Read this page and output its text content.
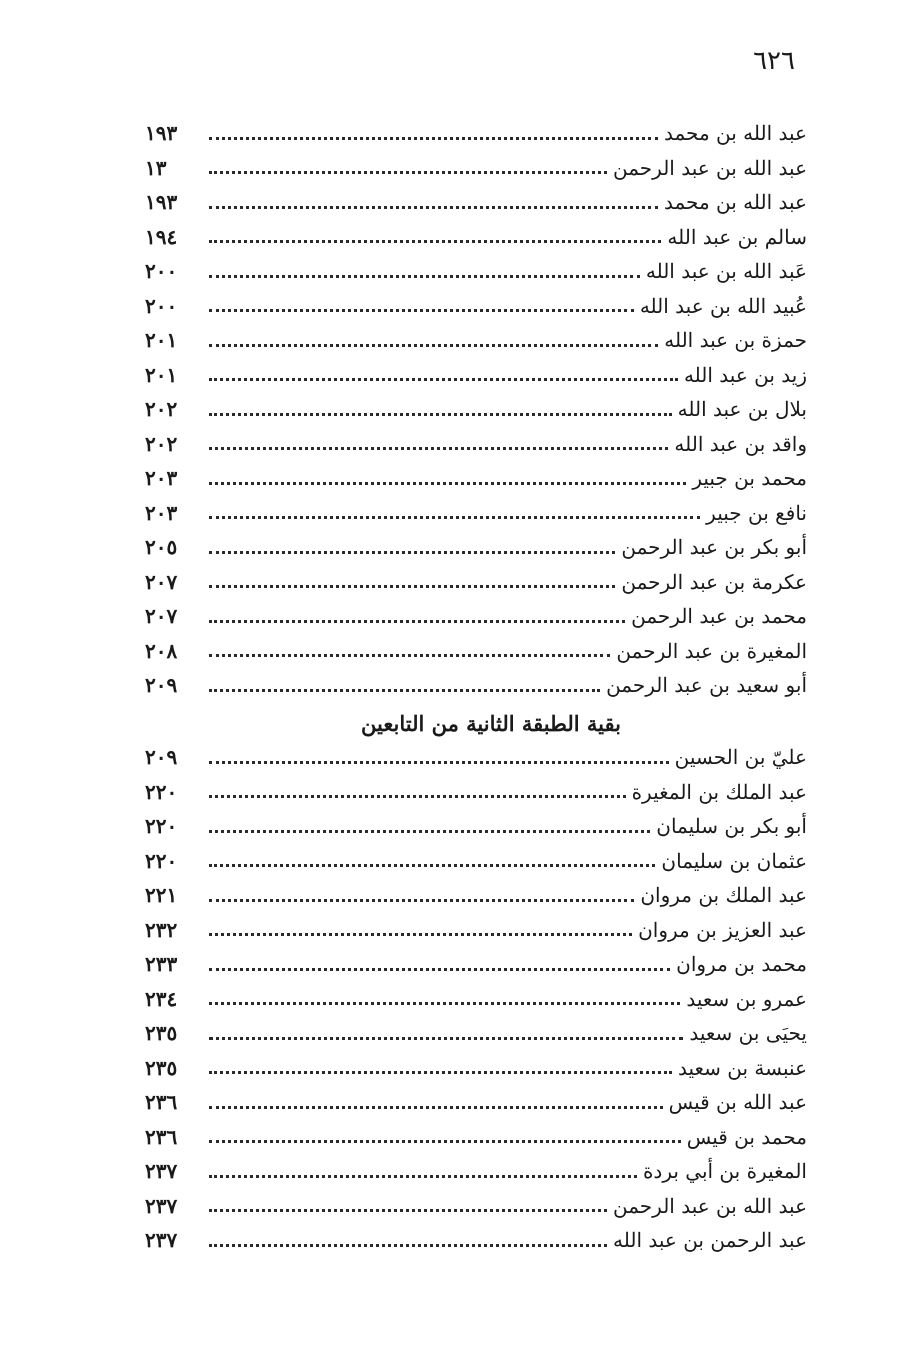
٦٢٦
عبد الله بن محمد
١٩٣
عبد الله بن عبد الرحمن
١٣
عبد الله بن محمد
١٩٣
سالم بن عبد الله
١٩٤
عَبد الله بن عبد الله
٢٠٠
عُبيد الله بن عبد الله
٢٠٠
حمزة بن عبد الله
٢٠١
زيد بن عبد الله
٢٠١
بلال بن عبد الله
٢٠٢
واقد بن عبد الله
٢٠٢
محمد بن جبير
٢٠٣
نافع بن جبير
٢٠٣
أبو بكر بن عبد الرحمن
٢٠٥
عكرمة بن عبد الرحمن
٢٠٧
محمد بن عبد الرحمن
٢٠٧
المغيرة بن عبد الرحمن
٢٠٨
أبو سعيد بن عبد الرحمن
٢٠٩
بقية الطبقة الثانية من التابعين
عليّ بن الحسين
٢٠٩
عبد الملك بن المغيرة
٢٢٠
أبو بكر بن سليمان
٢٢٠
عثمان بن سليمان
٢٢٠
عبد الملك بن مروان
٢٢١
عبد العزيز بن مروان
٢٣٢
محمد بن مروان
٢٣٣
عمرو بن سعيد
٢٣٤
يحيَى بن سعيد
٢٣٥
عنبسة بن سعيد
٢٣٥
عبد الله بن قيس
٢٣٦
محمد بن قيس
٢٣٦
المغيرة بن أبي بردة
٢٣٧
عبد الله بن عبد الرحمن
٢٣٧
عبد الرحمن بن عبد الله
٢٣٧
